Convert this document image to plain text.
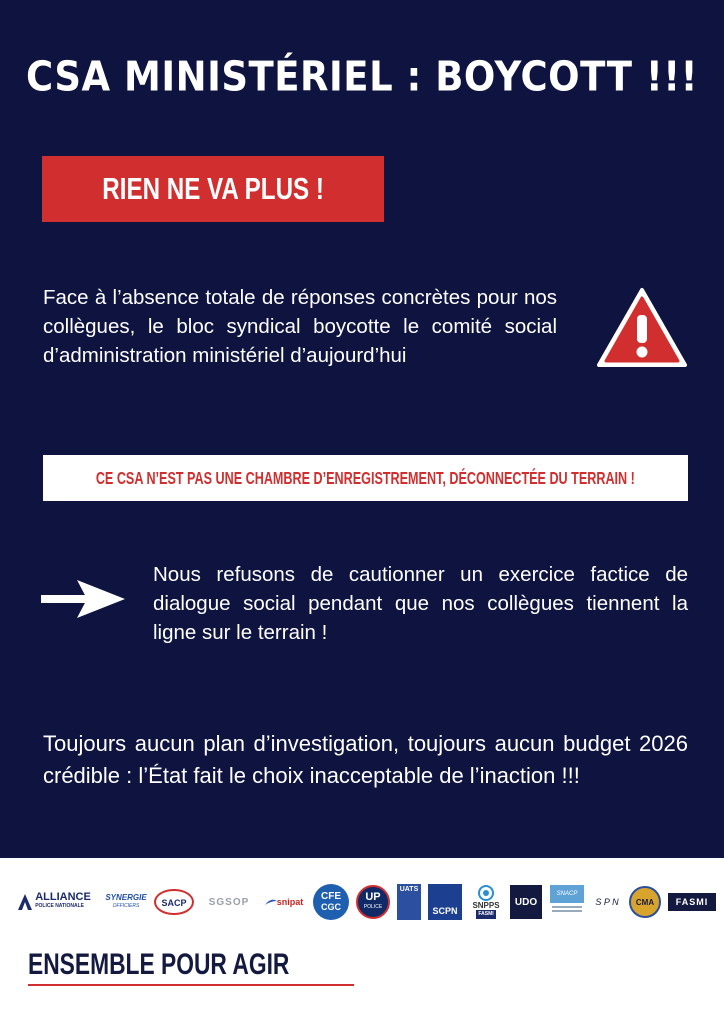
CSA MINISTÉRIEL : BOYCOTT !!!
RIEN NE VA PLUS !

Face à l’absence totale de réponses concrètes pour nos collègues, le bloc syndical boycotte le comité social d’administration ministériel d’aujourd’hui

CE CSA N’EST PAS UNE CHAMBRE D’ENREGISTREMENT, DÉCONNECTÉE DU TERRAIN !

Nous refusons de cautionner un exercice factice de dialogue social pendant que nos collègues tiennent la ligne sur le terrain !

Toujours aucun plan d’investigation, toujours aucun budget 2026 crédible : l’État fait le choix inacceptable de l’inaction !!!

ALLIANCE
POLICE NATIONALE
SYNERGIE
OFFICIERS	SACP	SGSOP	snipat CFE
CGC
UP
POLICE
UATS
SCPN
SNPPS
FASMI
UDO
SNACP
S P N CMA FASMI
ENSEMBLE POUR AGIR
